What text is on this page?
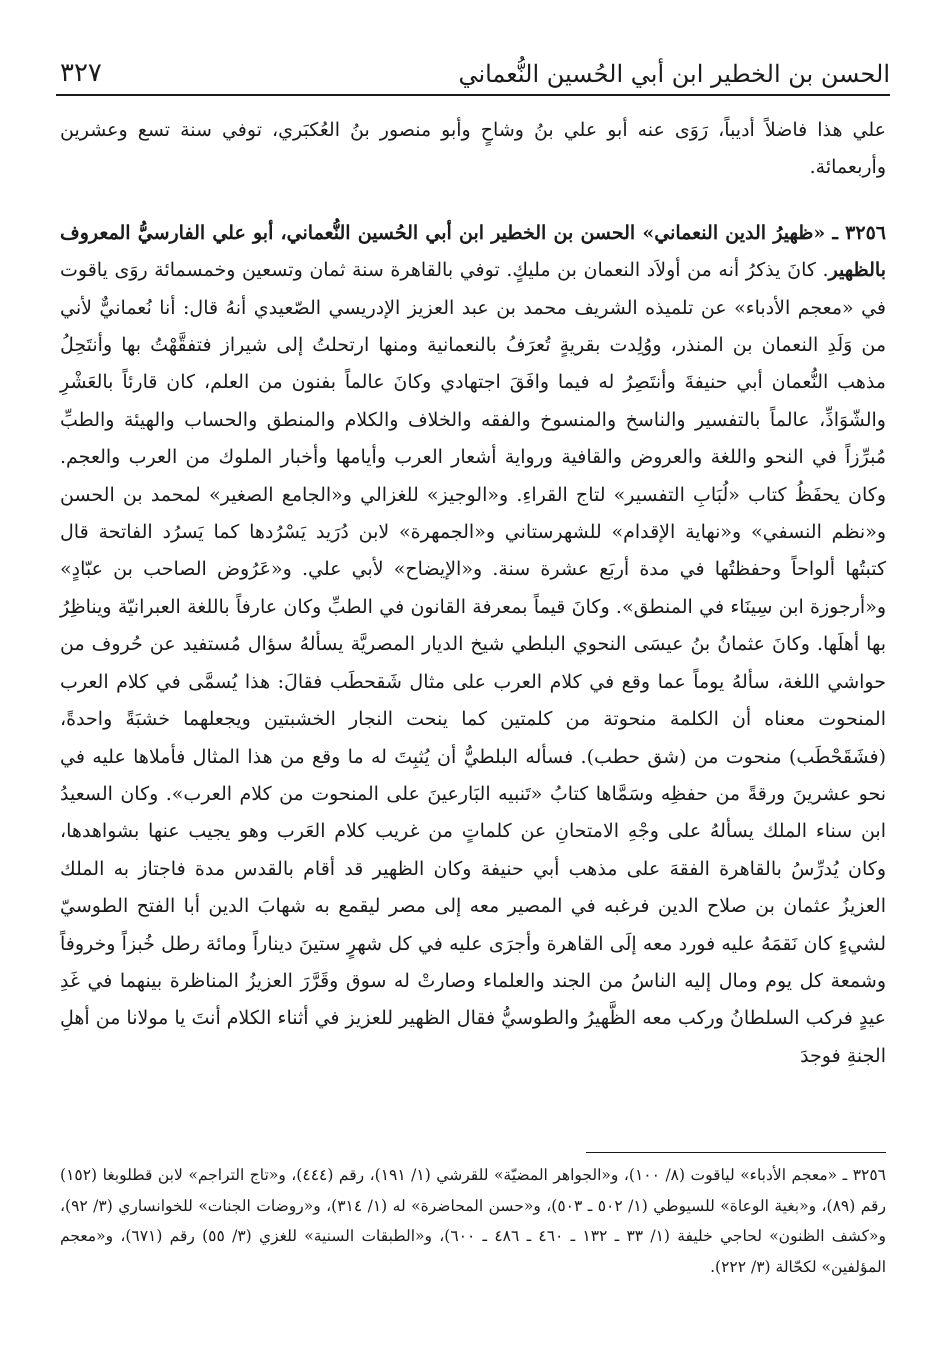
الحسن بن الخطير ابن أبي الحُسين النُّعماني
٣٢٧

علي هذا فاضلاً أديباً، رَوَى عنه أبو علي بنُ وشاحٍ وأبو منصور بنُ العُكبَري، توفي سنة تسع وعشرين وأربعمائة.

٣٢٥٦ ـ «ظهيرُ الدين النعماني» الحسن بن الخطير ابن أبي الحُسين النُّعماني، أبو علي الفارسيُّ المعروف بالظهير. كانَ يذكرُ أنه من أولاَد النعمان بن مليكٍ. توفي بالقاهرة سنة ثمان وتسعين وخمسمائة روَى ياقوت في «معجم الأدباء» عن تلميذه الشريف محمد بن عبد العزيز الإدريسي الصّعيدي أنهُ قال: أنا نُعمانيٌّ لأني من وَلَدِ النعمان بن المنذر، ووُلِدت بقريةٍ تُعرَفُ بالنعمانية ومنها ارتحلتُ إلى شيراز فتفقَّهْتُ بها وأنتَحِلُ مذهب النُّعمان أبي حنيفةَ وأنتَصِرُ له فيما وافَقَ اجتهادي وكانَ عالماً بفنون من العلم، كان قارئاً بالعَشْرِ والشّوَاذِّ، عالماً بالتفسير والناسخ والمنسوخ والفقه والخلاف والكلام والمنطق والحساب والهيئة والطبِّ مُبرِّزاً في النحو واللغة والعروض والقافية ورواية أشعار العرب وأيامها وأخبار الملوك من العرب والعجم. وكان يحفَظُ كتاب «لُبَابِ التفسير» لتاج القراءِ. و«الوجيز» للغزالي و«الجامع الصغير» لمحمد بن الحسن و«نظم النسفي» و«نهاية الإقدام» للشهرستاني و«الجمهرة» لابن دُرَيد يَسْرُدها كما يَسرُد الفاتحة قال كتبتُها ألواحاً وحفظتُها في مدة أربَع عشرة سنة. و«الإيضاح» لأبي علي. و«عَرُوض الصاحب بن عبّادٍ» و«أرجوزة ابن سِينَاء في المنطق». وكانَ قيماً بمعرفة القانون في الطبِّ وكان عارفاً باللغة العبرانيّة ويناظِرُ بها أهلَها. وكانَ عثمانُ بنُ عيسَى النحوي البلطي شيخ الديار المصريَّة يسألهُ سؤال مُستفيد عن حُروف من حواشي اللغة، سألهُ يوماً عما وقع في كلام العرب على مثال شَقحطَب فقالَ: هذا يُسمَّى في كلام العرب المنحوت معناه أن الكلمة منحوتة من كلمتين كما ينحت النجار الخشبتين ويجعلهما خشبَةً واحدةً، (فشَقَحْطَب) منحوت من (شق حطب). فسأله البلطيُّ أن يُثبِتَ له ما وقع من هذا المثال فأملاها عليه في نحو عشرينَ ورقةً من حفظِه وسَمَّاها كتابُ «تَنبيه البَارعينَ على المنحوت من كلام العرب». وكان السعيدُ ابن سناء الملك يسألهُ على وجْهِ الامتحانِ عن كلماتٍ من غريب كلام العَرب وهو يجيب عنها بشواهدها، وكان يُدرِّسُ بالقاهرة الفقهَ على مذهب أبي حنيفة وكان الظهير قد أقام بالقدس مدة فاجتاز به الملك العزيزُ عثمان بن صلاح الدين فرغبه في المصير معه إلى مصر ليقمع به شهابَ الدين أبا الفتح الطوسيّ لشيءٍ كان نَقمَهُ عليه فورد معه إلَى القاهرة وأجرَى عليه في كل شهرٍ ستينَ ديناراً ومائة رطل خُبزاً وخروفاً وشمعة كل يوم ومال إليه الناسُ من الجند والعلماء وصارتْ له سوق وقَرَّرَ العزيزُ المناظرة بينهما في غَدِ عيدٍ فركب السلطانُ وركب معه الظَّهيرُ والطوسيُّ فقال الظهير للعزيز في أثناء الكلام أنتَ يا مولانا من أهلِ الجنةِ فوجدَ

٣٢٥٦ ـ «معجم الأدباء» لياقوت (٨/ ١٠٠)، و«الجواهر المضيّة» للقرشي (١/ ١٩١)، رقم (٤٤٤)، و«تاج التراجم» لابن قطلوبغا (١٥٢) رقم (٨٩)، و«بغية الوعاة» للسيوطي (١/ ٥٠٢ ـ ٥٠٣)، و«حسن المحاضرة» له (١/ ٣١٤)، و«روضات الجنات» للخوانساري (٣/ ٩٢)، و«كشف الظنون» لحاجي خليفة (١/ ٣٣ ـ ١٣٢ ـ ٤٦٠ ـ ٤٨٦ ـ ٦٠٠)، و«الطبقات السنية» للغزي (٣/ ٥٥) رقم (٦٧١)، و«معجم المؤلفين» لكحّالة (٣/ ٢٢٢).
